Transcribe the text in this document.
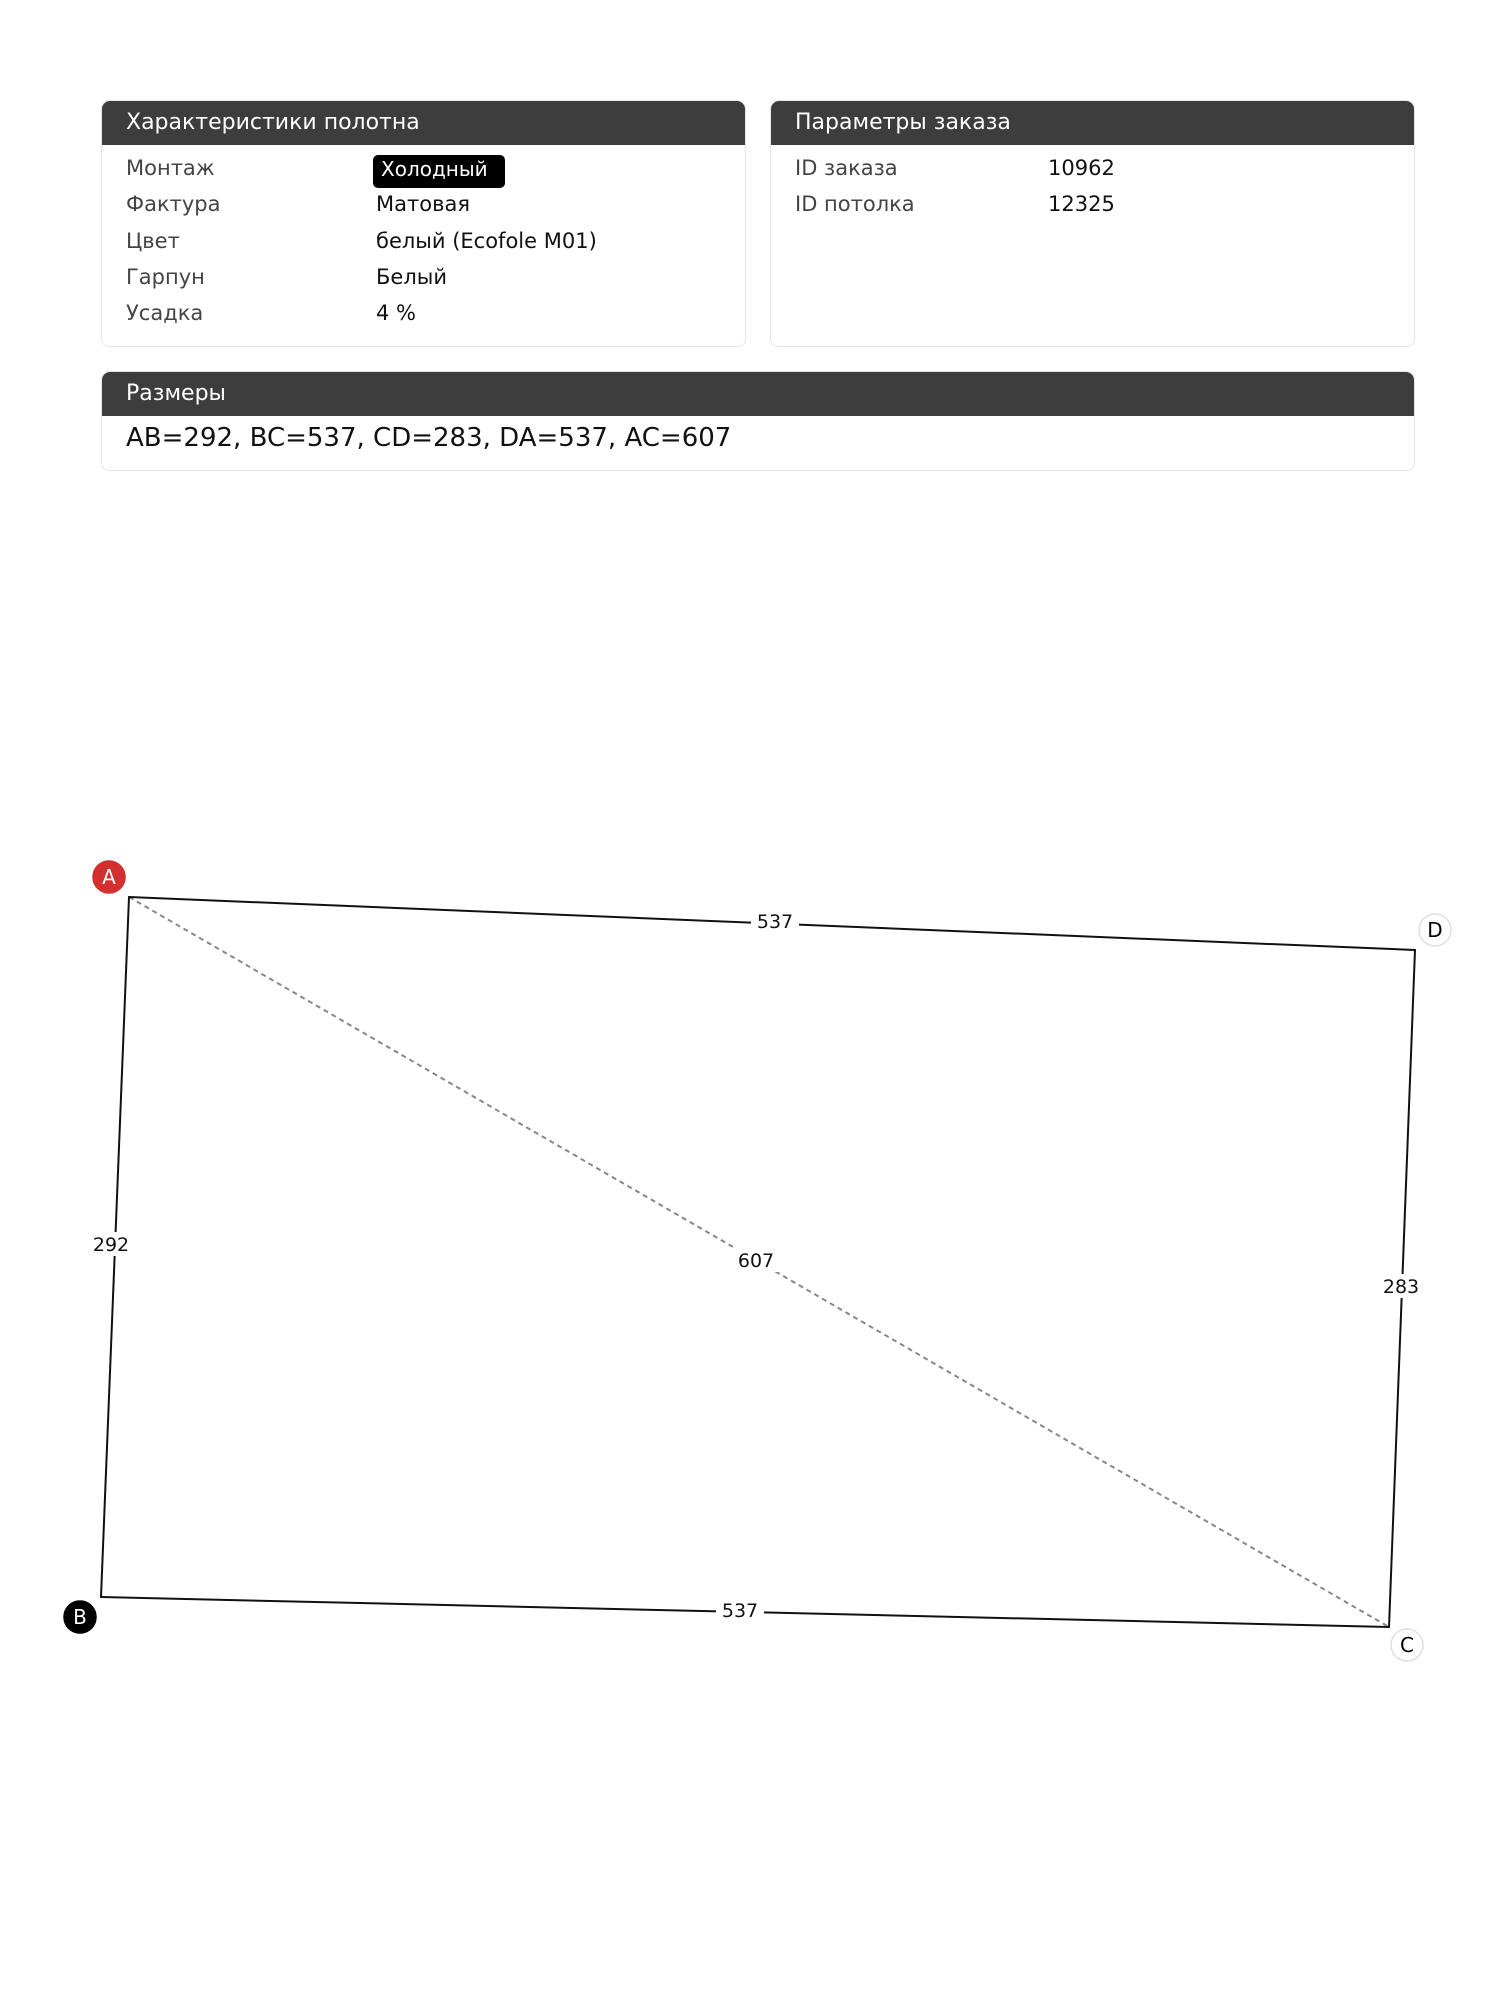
Характеристики полотна
Монтаж	Холодный
Фактура	Матовая
Цвет	белый (Ecofole M01)
Гарпун	Белый
Усадка	4 %
Параметры заказа
ID заказа	10962
ID потолка	12325
Размеры
AB=292, BC=537, CD=283, DA=537, AC=607
537
292
537
283
607
A
B
C
D
